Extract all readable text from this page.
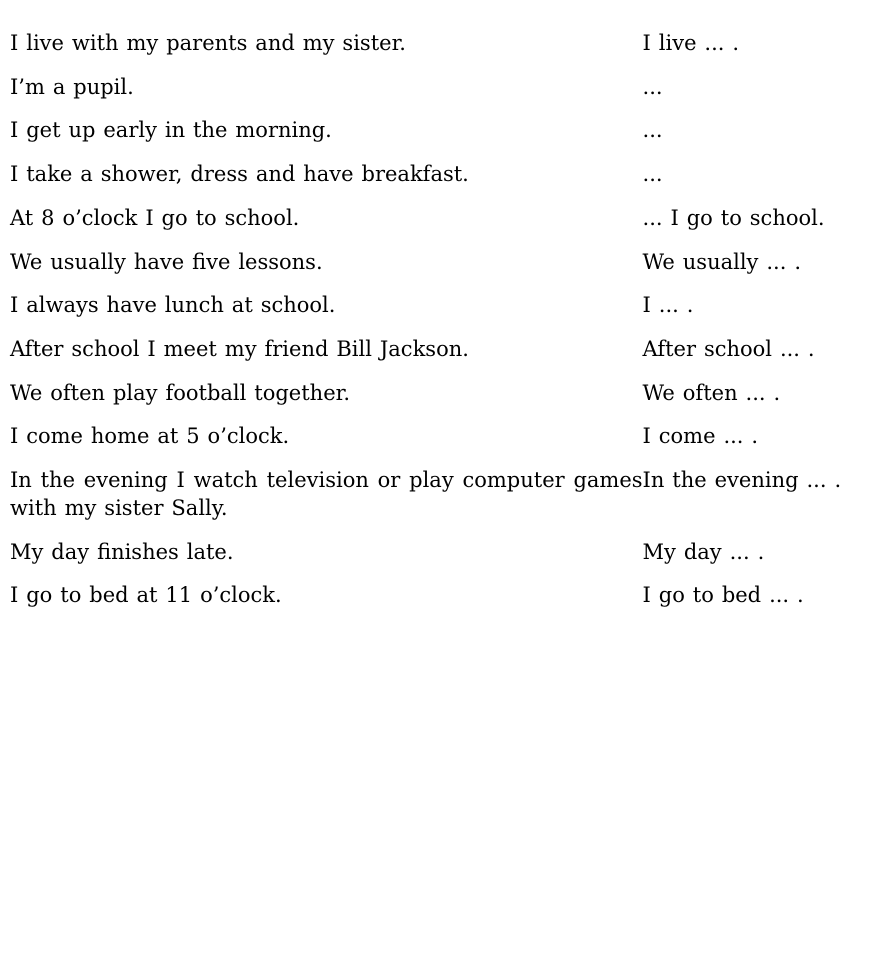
I live with my parents and my sister.	I live ... .

I’m a pupil.	...

I get up early in the morning.	...

I take a shower, dress and have breakfast.	...

At 8 o’clock I go to school.	... I go to school.

We usually have five lessons.	We usually ... .

I always have lunch at school.	I ... .

After school I meet my friend Bill Jackson.	After school ... .

We often play football together.	We often ... .

I come home at 5 o’clock.	I come ... .

In the evening I watch television or play computer games with my sister Sally.	In the evening ... .

My day finishes late.	My day ... .

I go to bed at 11 o’clock.	I go to bed ... .
